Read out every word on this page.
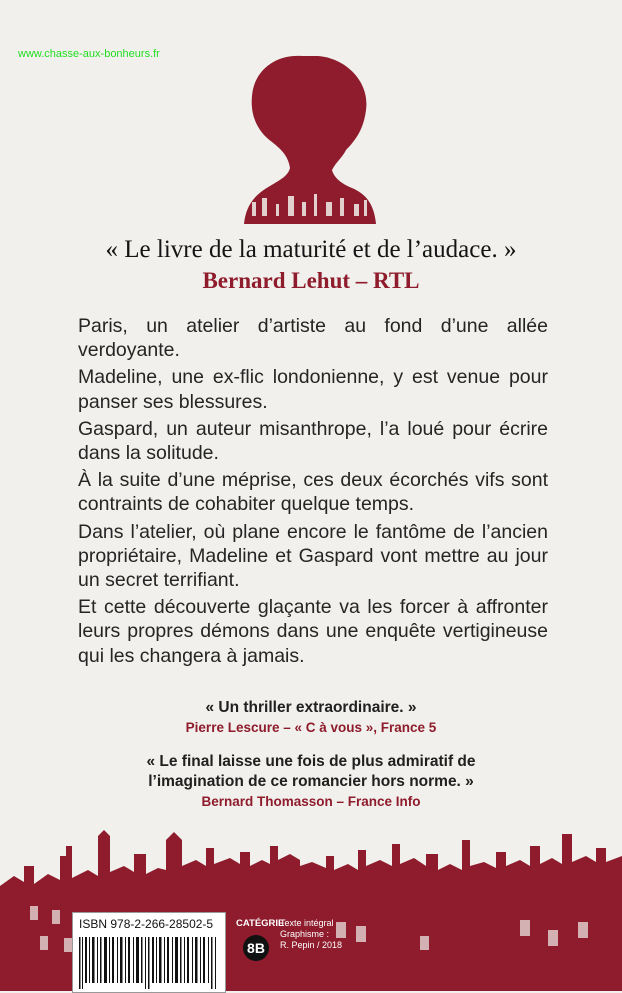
www.chasse-aux-bonheurs.fr
« Le livre de la maturité et de l’audace. »
Bernard Lehut – RTL

Paris, un atelier d’artiste au fond d’une allée verdoyante.

Madeline, une ex-flic londonienne, y est venue pour panser ses blessures.

Gaspard, un auteur misanthrope, l’a loué pour écrire dans la solitude.

À la suite d’une méprise, ces deux écorchés vifs sont contraints de cohabiter quelque temps.

Dans l’atelier, où plane encore le fantôme de l’ancien propriétaire, Madeline et Gaspard vont mettre au jour un secret terrifiant.

Et cette découverte glaçante va les forcer à affronter leurs propres démons dans une enquête vertigineuse qui les changera à jamais.

« Un thriller extraordinaire. »
Pierre Lescure – « C à vous », France 5
« Le final laisse une fois de plus admiratif de
l’imagination de ce romancier hors norme. »
Bernard Thomasson – France Info
ISBN 978-2-266-28502-5 CATÉGRIE
8B
Texte intégral
Graphisme :
R. Pepin / 2018
